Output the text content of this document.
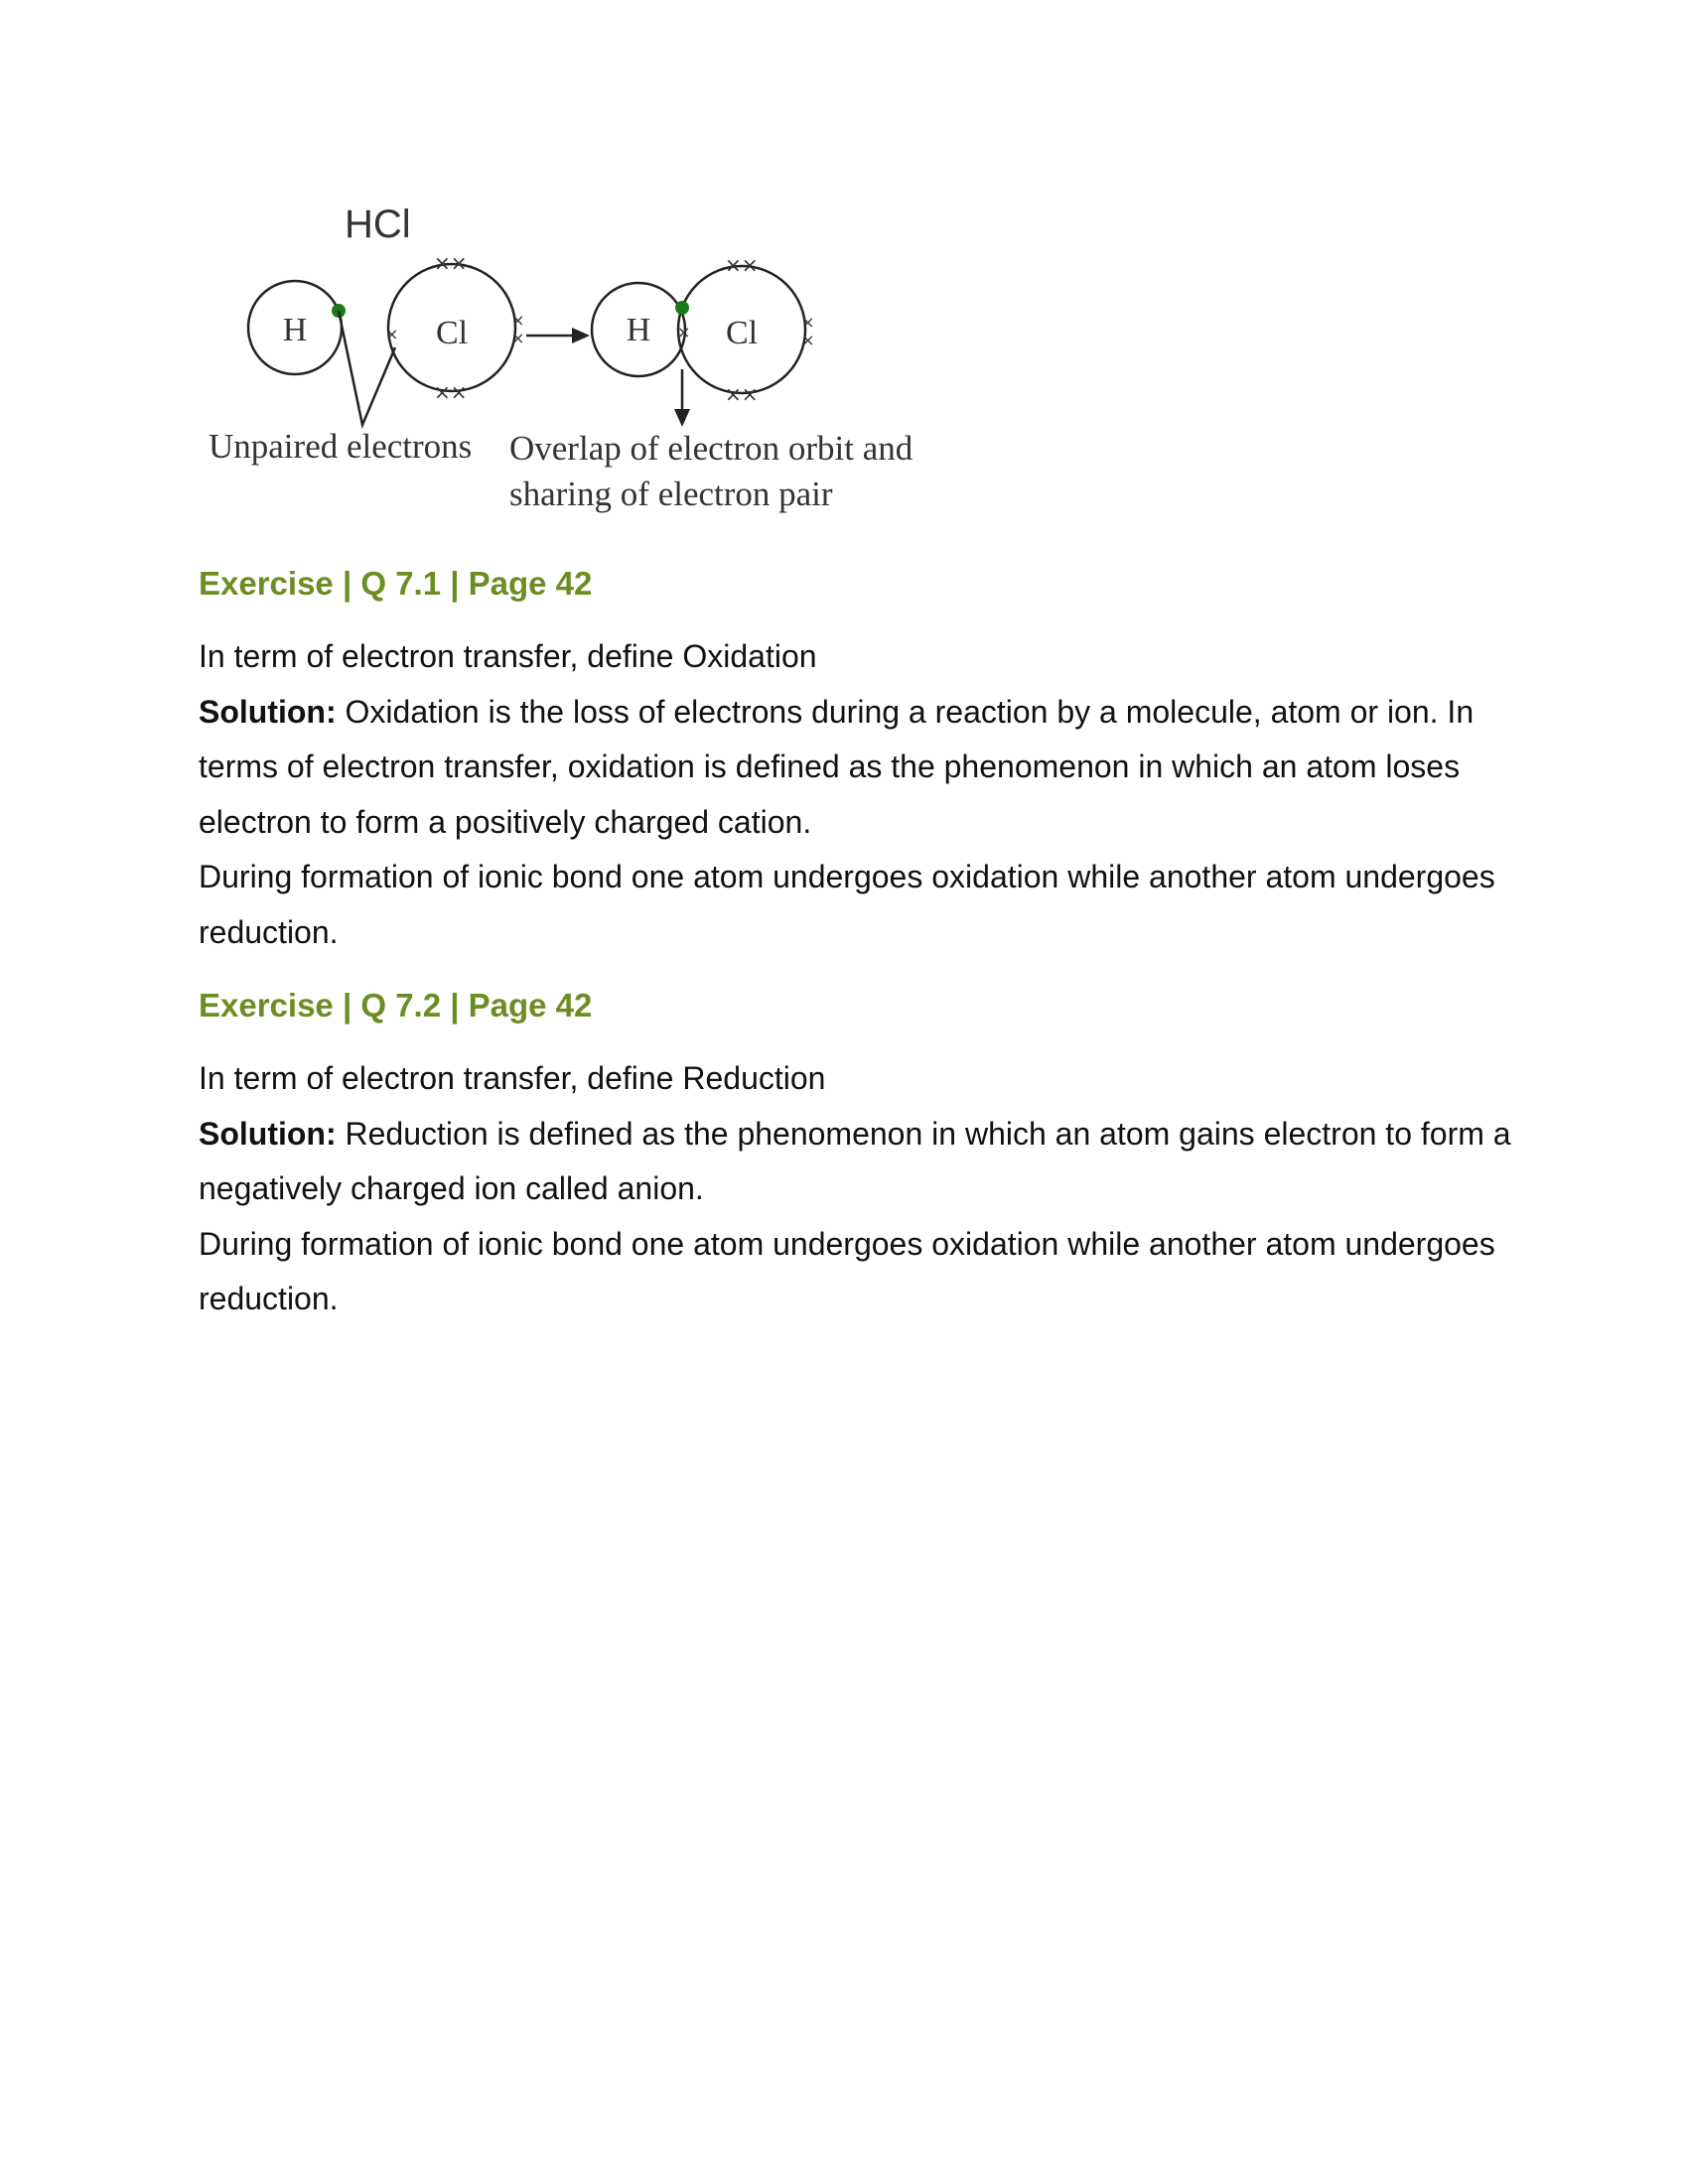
××
××
×
×
×
××
××
×
×
×
H	Cl	H Cl
HCl
Unpaired electrons Overlap of electron orbit and
sharing of electron pair
Exercise | Q 7.1 | Page 42

In term of electron transfer, define Oxidation

Solution: Oxidation is the loss of electrons during a reaction by a molecule, atom or ion. In terms of electron transfer, oxidation is defined as the phenomenon in which an atom loses electron to form a positively charged cation.

During formation of ionic bond one atom undergoes oxidation while another atom undergoes reduction.

Exercise | Q 7.2 | Page 42

In term of electron transfer, define Reduction

Solution: Reduction is defined as the phenomenon in which an atom gains electron to form a negatively charged ion called anion.

During formation of ionic bond one atom undergoes oxidation while another atom undergoes reduction.
